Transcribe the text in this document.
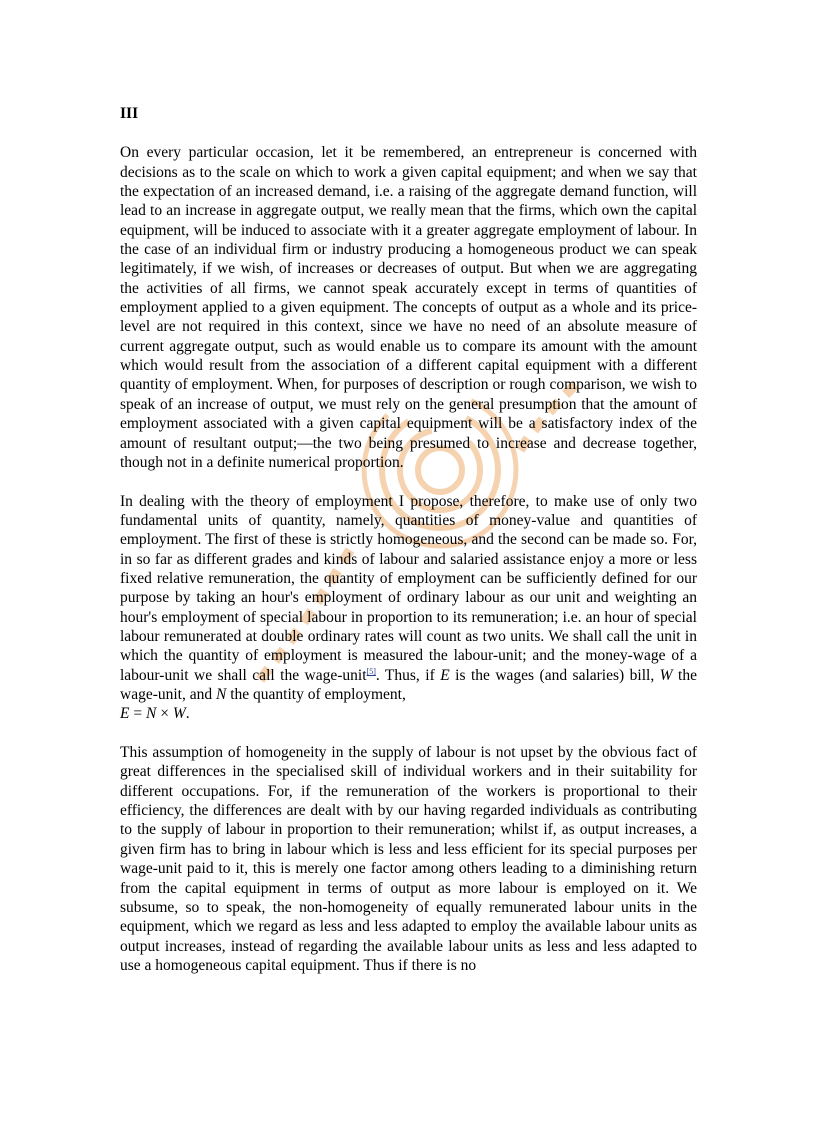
III

On every particular occasion, let it be remembered, an entrepreneur is concerned with decisions as to the scale on which to work a given capital equipment; and when we say that the expectation of an increased demand, i.e. a raising of the aggregate demand function, will lead to an increase in aggregate output, we really mean that the firms, which own the capital equipment, will be induced to associate with it a greater aggregate employment of labour. In the case of an individual firm or industry producing a homogeneous product we can speak legitimately, if we wish, of increases or decreases of output. But when we are aggregating the activities of all firms, we cannot speak accurately except in terms of quantities of employment applied to a given equipment. The concepts of output as a whole and its price-level are not required in this context, since we have no need of an absolute measure of current aggregate output, such as would enable us to compare its amount with the amount which would result from the association of a different capital equipment with a different quantity of employment. When, for purposes of description or rough comparison, we wish to speak of an increase of output, we must rely on the general presumption that the amount of employment associated with a given capital equipment will be a satisfactory index of the amount of resultant output;—the two being presumed to increase and decrease together, though not in a definite numerical proportion.

In dealing with the theory of employment I propose, therefore, to make use of only two fundamental units of quantity, namely, quantities of money-value and quantities of employment. The first of these is strictly homogeneous, and the second can be made so. For, in so far as different grades and kinds of labour and salaried assistance enjoy a more or less fixed relative remuneration, the quantity of employment can be sufficiently defined for our purpose by taking an hour's employment of ordinary labour as our unit and weighting an hour's employment of special labour in proportion to its remuneration; i.e. an hour of special labour remunerated at double ordinary rates will count as two units. We shall call the unit in which the quantity of employment is measured the labour-unit; and the money-wage of a labour-unit we shall call the wage-unit[5]. Thus, if E is the wages (and salaries) bill, W the wage-unit, and N the quantity of employment,
E = N × W.

This assumption of homogeneity in the supply of labour is not upset by the obvious fact of great differences in the specialised skill of individual workers and in their suitability for different occupations. For, if the remuneration of the workers is proportional to their efficiency, the differences are dealt with by our having regarded individuals as contributing to the supply of labour in proportion to their remuneration; whilst if, as output increases, a given firm has to bring in labour which is less and less efficient for its special purposes per wage-unit paid to it, this is merely one factor among others leading to a diminishing return from the capital equipment in terms of output as more labour is employed on it. We subsume, so to speak, the non-homogeneity of equally remunerated labour units in the equipment, which we regard as less and less adapted to employ the available labour units as output increases, instead of regarding the available labour units as less and less adapted to use a homogeneous capital equipment. Thus if there is no
